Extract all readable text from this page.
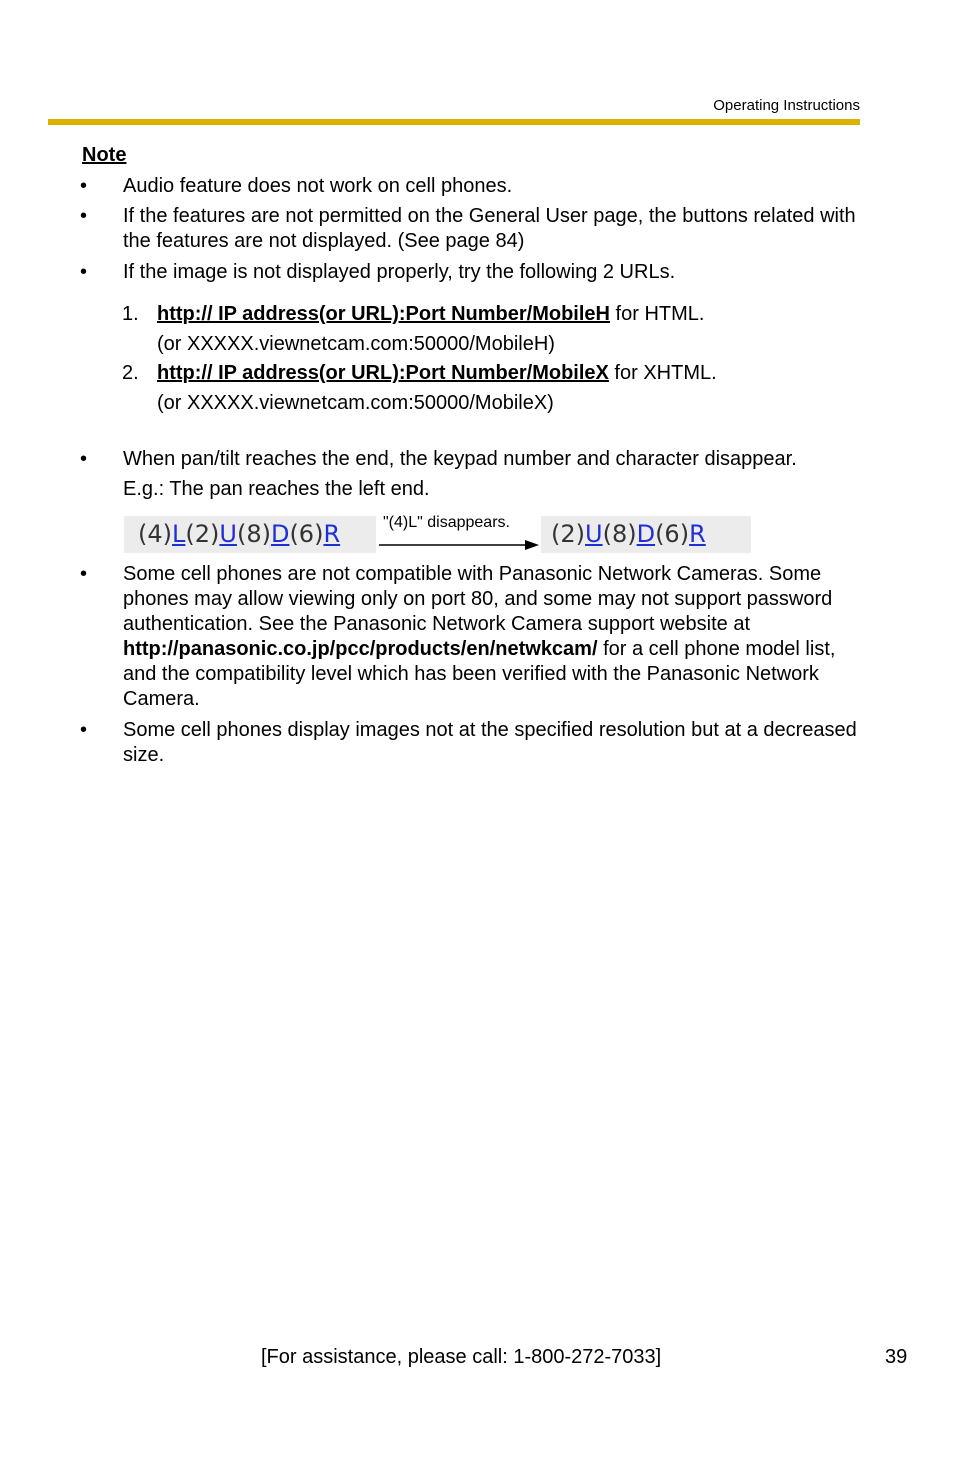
Operating Instructions
Note
• Audio feature does not work on cell phones.
• If the features are not permitted on the General User page, the buttons related with the features are not displayed. (See page 84)
• If the image is not displayed properly, try the following 2 URLs.
1. http:// IP address(or URL):Port Number/MobileH for HTML.
(or XXXXX.viewnetcam.com:50000/MobileH)
2. http:// IP address(or URL):Port Number/MobileX for XHTML.
(or XXXXX.viewnetcam.com:50000/MobileX)
• When pan/tilt reaches the end, the keypad number and character disappear.
E.g.: The pan reaches the left end.
(4)L(2)U(8)D(6)R	"(4)L" disappears.	(2)U(8)D(6)R
• Some cell phones are not compatible with Panasonic Network Cameras. Some phones may allow viewing only on port 80, and some may not support password authentication. See the Panasonic Network Camera support website at http://panasonic.co.jp/pcc/products/en/netwkcam/ for a cell phone model list, and the compatibility level which has been verified with the Panasonic Network Camera.
• Some cell phones display images not at the specified resolution but at a decreased size.
[For assistance, please call: 1-800-272-7033]	39
